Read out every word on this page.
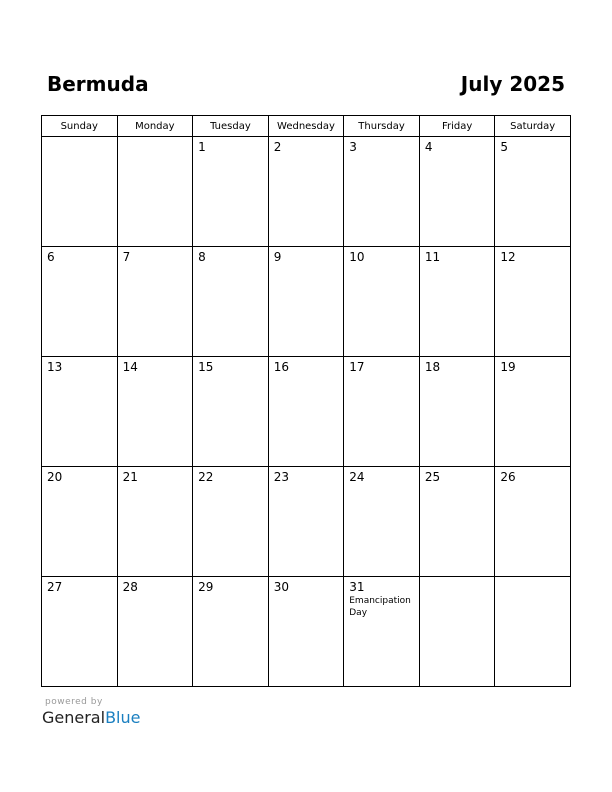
Bermuda	July 2025
Sunday	Monday	Tuesday	Wednesday	Thursday	Friday	Saturday

		1	2	3	4	5

6	7	8	9	10	11	12

13	14	15	16	17	18	19

20	21	22	23	24	25	26

27	28	29	30	31
Emancipation Day		

powered by
GeneralBlue
